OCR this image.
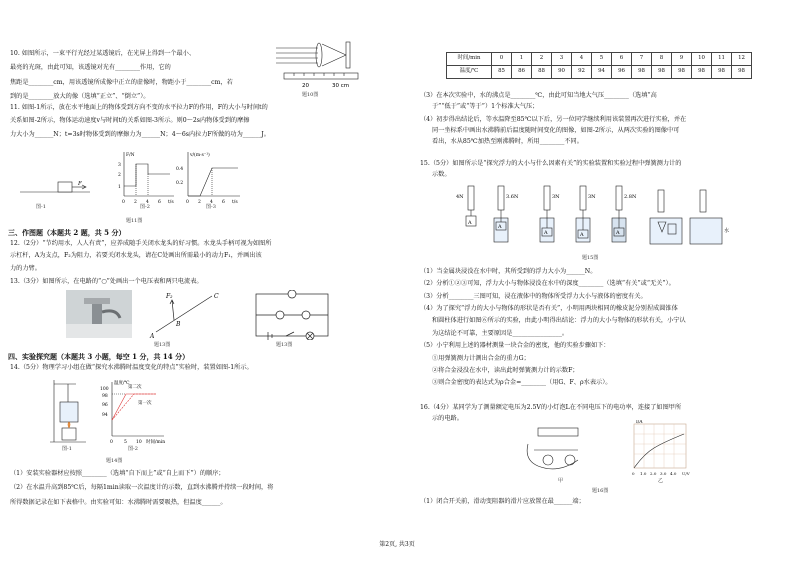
10. 如图所示，一束平行光经过某透镜后，在光屏上得到一个最小、
最亮的光斑，由此可知，该透镜对光有________作用，它的
焦距是________cm，用该透镜所成像中正立的虚像时，物距小于________cm，若
到的是________放大的像（选填“正立”、“倒立”）。
20	30 cm
题10图
11. 如图-1所示，放在水平地面上的物体受到方向不变的水平拉力F的作用，F的大小与时间t的
关系如图-2所示，物体运动速度v与时间t的关系如图-3所示。则0～2s内物体受到的摩擦
力大小为______N；t=3s时物体受到的摩擦力为______N；4～6s内拉力F所做的功为______J。
F
F/N
3
2
1
0 2 4 6 t/s
v/(m·s⁻¹)
0.4
0.2
0 2 4 6 t/s
图-1	图-2	图-3
题11图
三、作图题（本题共 2 题，共 5 分）
12.（2分）“节约用水，人人有责”，应养成随手关闭水龙头的好习惯。水龙头手柄可视为如图所
示杠杆，A为支点，F₂为阻力，若要关闭水龙头，请在C处画出所需最小的动力F₁，并画出该
力的力臂。
13.（3分）如图所示，在电路的“○”处画出一个电压表和两只电流表。
F₂	C
B
A
题13图	题13图
四、实验探究题（本题共 3 小题，每空 1 分，共 14 分）
14.（5分）物理学习小组在做“探究水沸腾时温度变化的特点”实验时，装置如图-1所示。
第二次
第一次
温度/℃
100
98
96
94
0 5 10 时间/min
图-1	图-2
题14图
（1）安装实验器材应按照________（选填“自下而上”或“自上而下”）的顺序；
（2）在水温升高到85℃后，每隔1min读取一次温度计的示数，直到水沸腾并持续一段时间，将
所得数据记录在如下表格中。由实验可知：水沸腾时需要吸热，但温度______。
时间/min	0	1	2	3	4	5	6	7	8	9	10	11	12
温度/℃	85	86	88	90	92	94	96	98	98	98	98	98	98
（3）在本次实验中，水的沸点是________℃，由此可知当地大气压________（选填“高
于”“低于”或“等于”）1个标准大气压；
（4）初步得出结论后，等水温降至85℃以下后，另一位同学继续利用该装置再次进行实验，并在
同一坐标系中画出水沸腾前后温度随时间变化的图像，如图-2所示，从两次实验的图像中可
看出，水从85℃加热至刚沸腾时，所用________不同。
15.（5分）如图所示是“探究浮力的大小与什么因素有关”的实验装置和实验过程中弹簧测力计的
示数。
4N	3.6N	3N	3N	2.8N
A
A
A	A	A	水
题15图
（1）当金属块浸没在水中时，其所受到的浮力大小为______N。
（2）分析①②③可知，浮力大小与物体浸没在水中的深度________（选填“有关”或“无关”）。
（3）分析________三图可知，浸在液体中的物体所受浮力大小与液体的密度有关。
（4）为了探究“浮力的大小与物体的形状是否有关”，小明用两块相同的橡皮泥分别捏成圆锥体
和圆柱体进行如图⑥所示的实验，由此小明得出结论：浮力的大小与物体的形状有关，小宁认
为这结论不可靠，主要原因是________________。
（5）小宁利用上述的器材测量一块合金的密度，他的实验步骤如下：
①用弹簧测力计测出合金的重力G；
②将合金浸没在水中，读出此时弹簧测力计的示数F；
③则合金密度的表达式为ρ合金=________（用G、F、ρ水表示）。
16.（4分）某同学为了测量额定电压为2.5V的小灯泡L在不同电压下的电功率，连接了如图甲所
示的电路。
I/A
0 1.0 2.0 3.0 4.0 U/V
甲	乙
题16图
（1）闭合开关前，滑动变阻器的滑片应放置在最______端；
第2页, 共3页
